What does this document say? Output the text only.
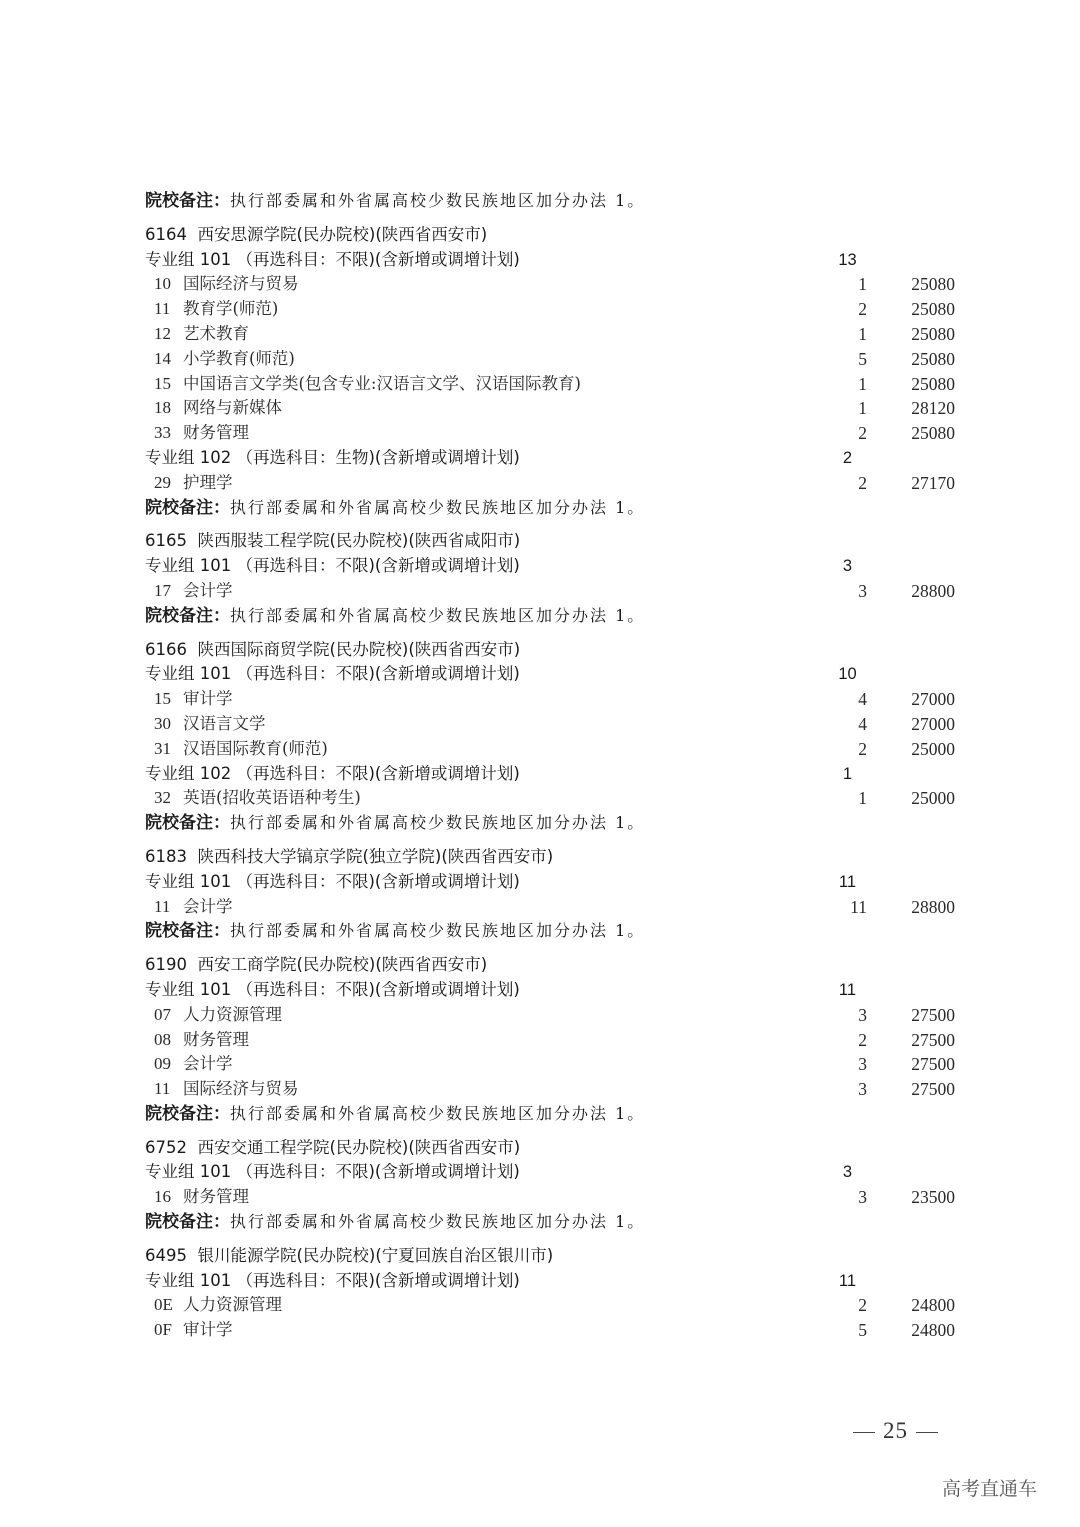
院校备注：执行部委属和外省属高校少数民族地区加分办法 1。
6164 西安思源学院(民办院校)(陕西省西安市)
专业组 101 （再选科目：不限)(含新增或调增计划)	13
10 国际经济与贸易	1	25080
11 教育学(师范)	2	25080
12 艺术教育	1	25080
14 小学教育(师范)	5	25080
15 中国语言文学类(包含专业:汉语言文学、汉语国际教育)	1	25080
18 网络与新媒体	1	28120
33 财务管理	2	25080
专业组 102 （再选科目：生物)(含新增或调增计划)	2
29 护理学	2	27170
院校备注：执行部委属和外省属高校少数民族地区加分办法 1。
6165 陕西服装工程学院(民办院校)(陕西省咸阳市)
专业组 101 （再选科目：不限)(含新增或调增计划)	3
17 会计学	3	28800
院校备注：执行部委属和外省属高校少数民族地区加分办法 1。
6166 陕西国际商贸学院(民办院校)(陕西省西安市)
专业组 101 （再选科目：不限)(含新增或调增计划)	10
15 审计学	4	27000
30 汉语言文学	4	27000
31 汉语国际教育(师范)	2	25000
专业组 102 （再选科目：不限)(含新增或调增计划)	1
32 英语(招收英语语种考生)	1	25000
院校备注：执行部委属和外省属高校少数民族地区加分办法 1。
6183 陕西科技大学镐京学院(独立学院)(陕西省西安市)
专业组 101 （再选科目：不限)(含新增或调增计划)	11
11 会计学	11	28800
院校备注：执行部委属和外省属高校少数民族地区加分办法 1。
6190 西安工商学院(民办院校)(陕西省西安市)
专业组 101 （再选科目：不限)(含新增或调增计划)	11
07 人力资源管理	3	27500
08 财务管理	2	27500
09 会计学	3	27500
11 国际经济与贸易	3	27500
院校备注：执行部委属和外省属高校少数民族地区加分办法 1。
6752 西安交通工程学院(民办院校)(陕西省西安市)
专业组 101 （再选科目：不限)(含新增或调增计划)	3
16 财务管理	3	23500
院校备注：执行部委属和外省属高校少数民族地区加分办法 1。
6495 银川能源学院(民办院校)(宁夏回族自治区银川市)
专业组 101 （再选科目：不限)(含新增或调增计划)	11
0E 人力资源管理	2	24800
0F 审计学	5	24800
25
高考直通车
